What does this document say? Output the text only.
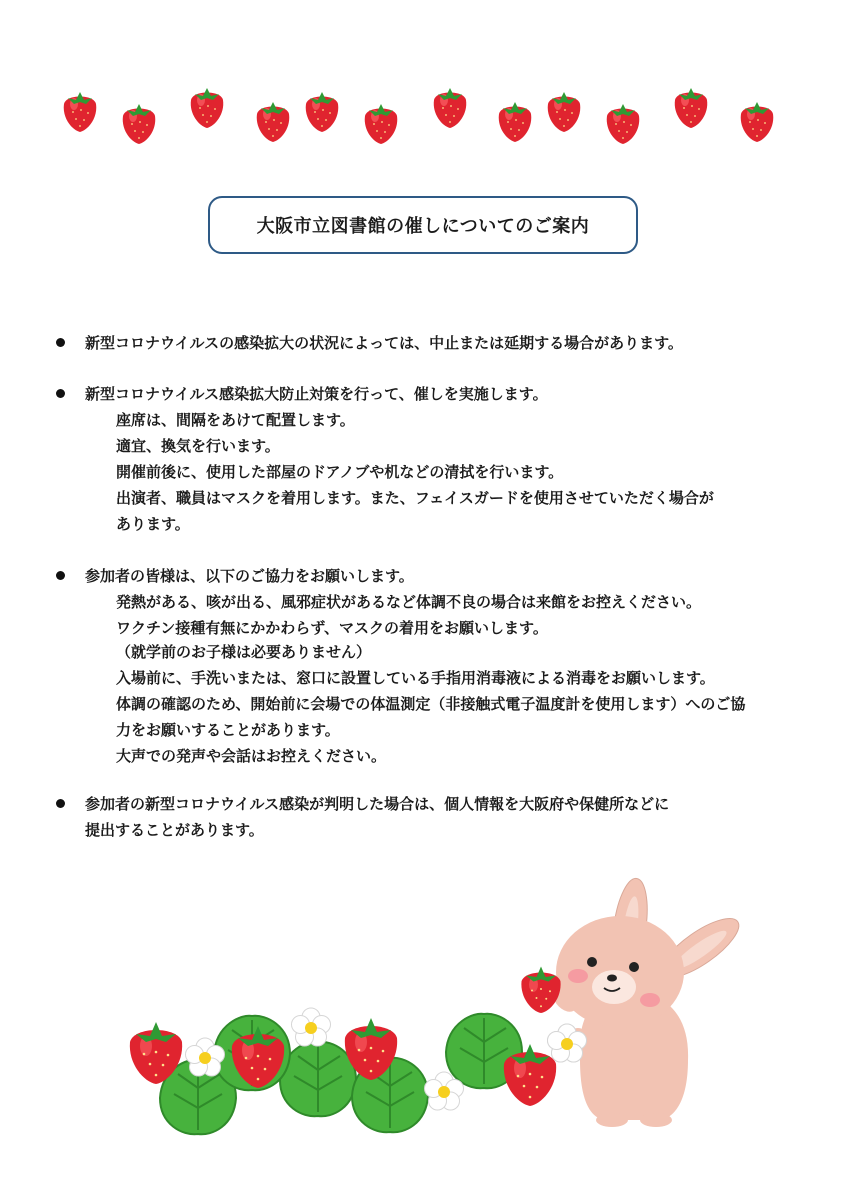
大阪市立図書館の催しについてのご案内
新型コロナウイルスの感染拡大の状況によっては、中止または延期する場合があります。
新型コロナウイルス感染拡大防止対策を行って、催しを実施します。
座席は、間隔をあけて配置します。
適宜、換気を行います。
開催前後に、使用した部屋のドアノブや机などの清拭を行います。
出演者、職員はマスクを着用します。また、フェイスガードを使用させていただく場合が
あります。
参加者の皆様は、以下のご協力をお願いします。
発熱がある、咳が出る、風邪症状があるなど体調不良の場合は来館をお控えください。
ワクチン接種有無にかかわらず、マスクの着用をお願いします。
（就学前のお子様は必要ありません）
入場前に、手洗いまたは、窓口に設置している手指用消毒液による消毒をお願いします。
体調の確認のため、開始前に会場での体温測定（非接触式電子温度計を使用します）へのご協
力をお願いすることがあります。
大声での発声や会話はお控えください。
参加者の新型コロナウイルス感染が判明した場合は、個人情報を大阪府や保健所などに
提出することがあります。
